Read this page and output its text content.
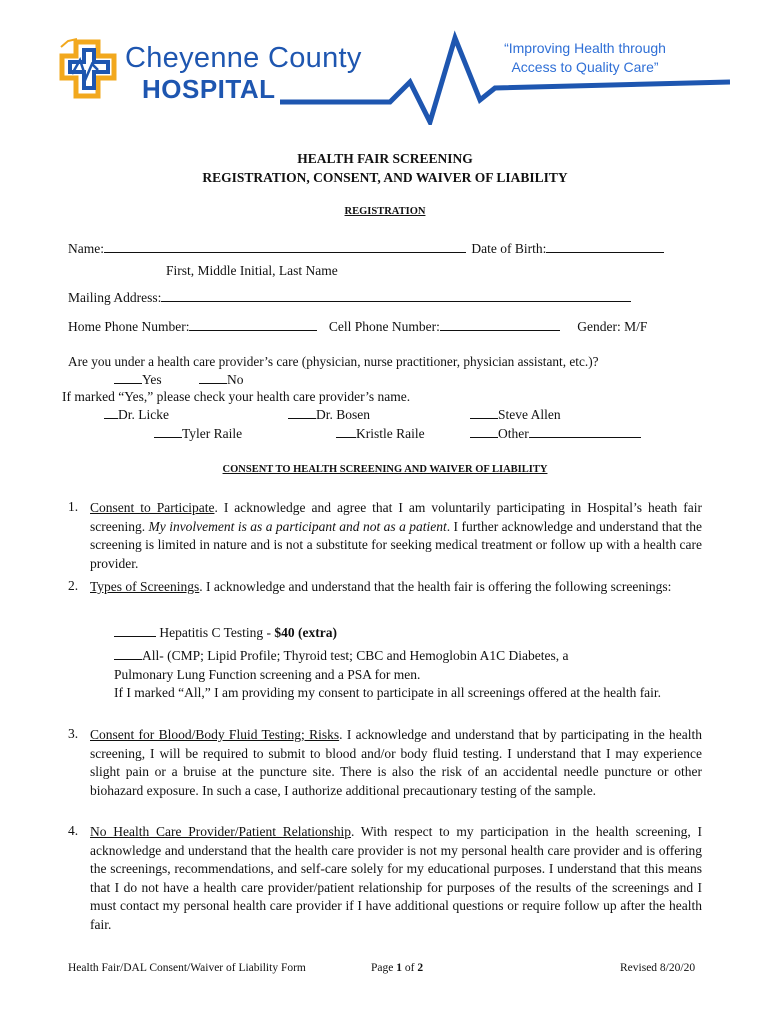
Cheyenne County
HOSPITAL
“Improving Health through
Access to Quality Care”
HEALTH FAIR SCREENING
REGISTRATION, CONSENT, AND WAIVER OF LIABILITY
REGISTRATION
Name:	Date of Birth:
First, Middle Initial, Last Name
Mailing Address:
Home Phone Number:	Cell Phone Number:	Gender: M/F
Are you under a health care provider’s care (physician, nurse practitioner, physician assistant, etc.)?
Yes	No
If marked “Yes,” please check your health care provider’s name.
Dr. Licke	Dr. Bosen	Steve Allen
Tyler Raile	Kristle Raile	Other
CONSENT TO HEALTH SCREENING AND WAIVER OF LIABILITY
1. Consent to Participate. I acknowledge and agree that I am voluntarily participating in Hospital’s heath fair screening. My involvement is as a participant and not as a patient. I further acknowledge and understand that the screening is limited in nature and is not a substitute for seeking medical treatment or follow up with a health care provider.
2. Types of Screenings. I acknowledge and understand that the health fair is offering the following screenings:
Hepatitis C Testing - $40 (extra)
All- (CMP; Lipid Profile; Thyroid test; CBC and Hemoglobin A1C Diabetes, a
Pulmonary Lung Function screening and a PSA for men.
If I marked “All,” I am providing my consent to participate in all screenings offered at the health fair.
3. Consent for Blood/Body Fluid Testing; Risks. I acknowledge and understand that by participating in the health screening, I will be required to submit to blood and/or body fluid testing. I understand that I may experience slight pain or a bruise at the puncture site. There is also the risk of an accidental needle puncture or other biohazard exposure. In such a case, I authorize additional precautionary testing of the sample.
4. No Health Care Provider/Patient Relationship. With respect to my participation in the health screening, I acknowledge and understand that the health care provider is not my personal health care provider and is offering the screenings, recommendations, and self-care solely for my educational purposes. I understand that this means that I do not have a health care provider/patient relationship for purposes of the results of the screenings and I must contact my personal health care provider if I have additional questions or require follow up after the health fair.
Health Fair/DAL Consent/Waiver of Liability Form	Page 1 of 2	Revised 8/20/20
